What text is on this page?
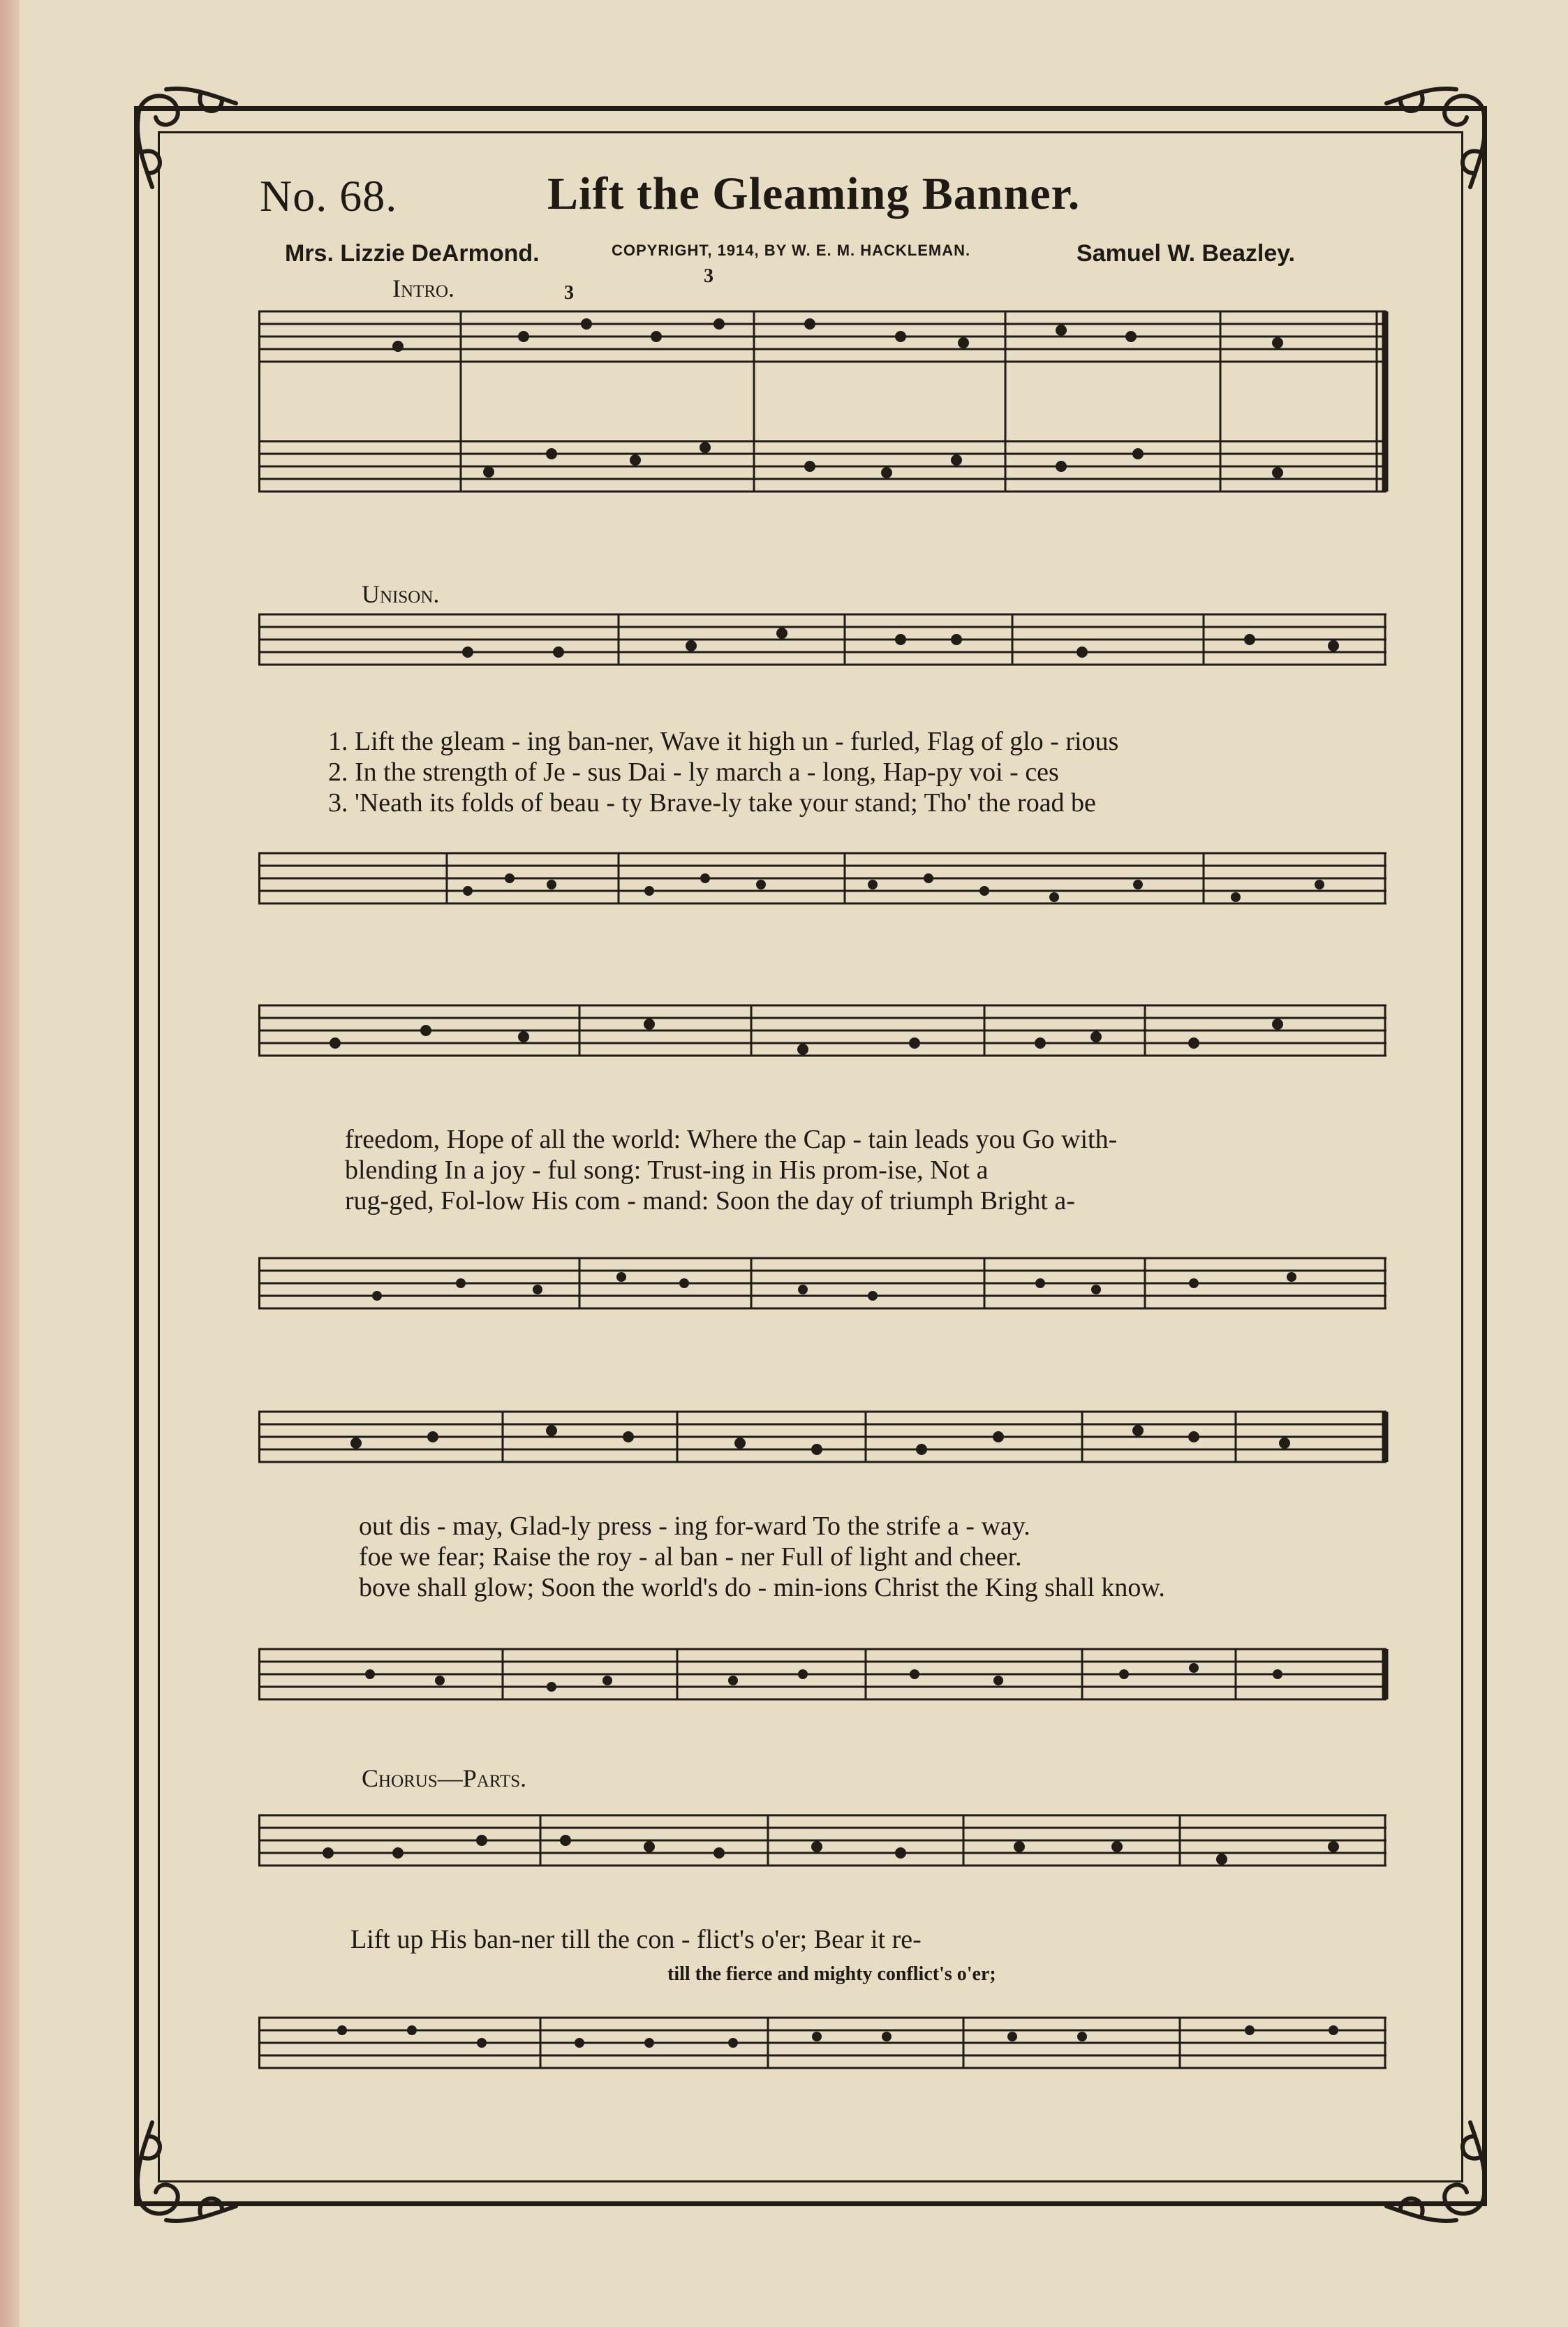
No. 68.	Lift the Gleaming Banner.
Mrs. Lizzie DeArmond.	COPYRIGHT, 1914, BY W. E. M. HACKLEMAN.	Samuel W. Beazley.
Intro.	3
3
Unison.
Chorus—Parts.
1. Lift the gleam - ing ban-ner, Wave it high un - furled, Flag of glo - rious
2. In the strength of Je - sus Dai - ly march a - long, Hap-py voi - ces
3. 'Neath its folds of beau - ty Brave-ly take your stand; Tho' the road be
freedom, Hope of all the world: Where the Cap - tain leads you Go with-
blending In a joy - ful song: Trust-ing in His prom-ise, Not a
rug-ged, Fol-low His com - mand: Soon the day of triumph Bright a-
out dis - may, Glad-ly press - ing for-ward To the strife a - way.
foe we fear; Raise the roy - al ban - ner Full of light and cheer.
bove shall glow; Soon the world's do - min-ions Christ the King shall know.
Lift up His ban-ner till the con - flict's o'er; Bear it re-
till the fierce and mighty conflict's o'er;
